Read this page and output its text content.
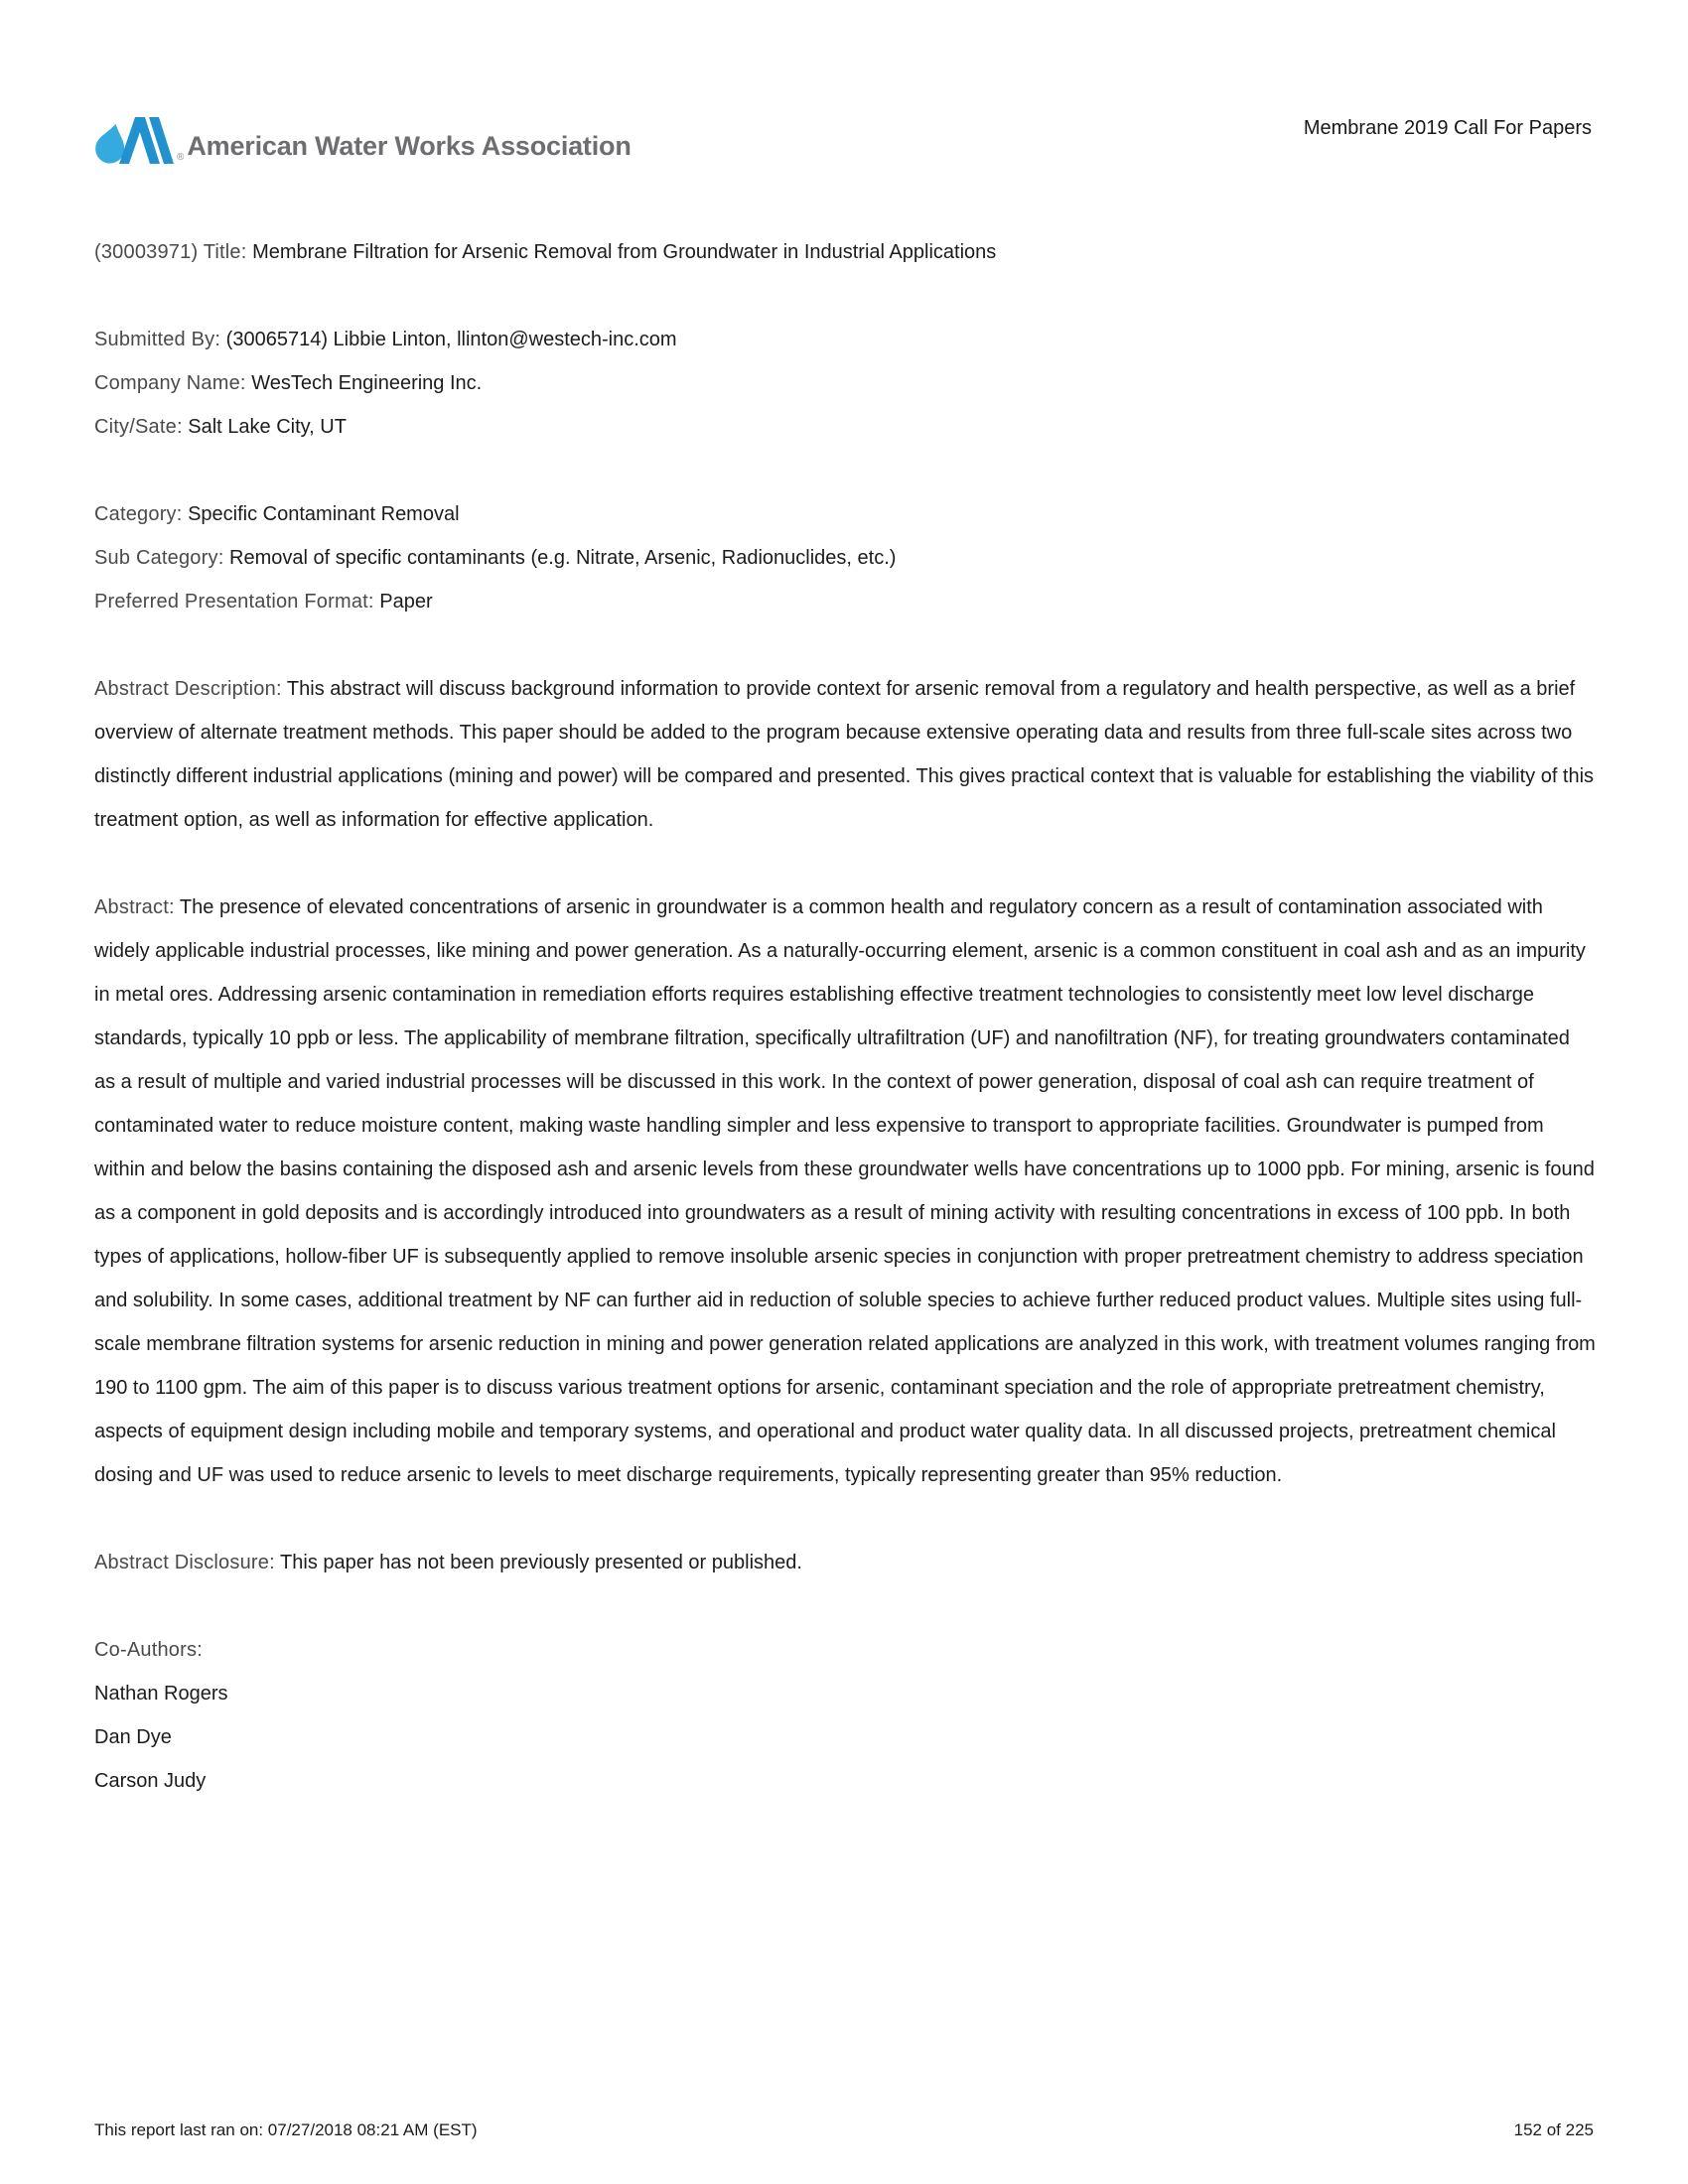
® American Water Works Association
Membrane 2019 Call For Papers
(30003971) Title: Membrane Filtration for Arsenic Removal from Groundwater in Industrial Applications
Submitted By: (30065714) Libbie Linton, llinton@westech-inc.com
Company Name: WesTech Engineering Inc.
City/Sate: Salt Lake City, UT
Category: Specific Contaminant Removal
Sub Category: Removal of specific contaminants (e.g. Nitrate, Arsenic, Radionuclides, etc.)
Preferred Presentation Format: Paper
Abstract Description: This abstract will discuss background information to provide context for arsenic removal from a regulatory and health perspective, as well as a brief overview of alternate treatment methods. This paper should be added to the program because extensive operating data and results from three full-scale sites across two distinctly different industrial applications (mining and power) will be compared and presented. This gives practical context that is valuable for establishing the viability of this treatment option, as well as information for effective application.
Abstract: The presence of elevated concentrations of arsenic in groundwater is a common health and regulatory concern as a result of contamination associated with widely applicable industrial processes, like mining and power generation. As a naturally-occurring element, arsenic is a common constituent in coal ash and as an impurity in metal ores. Addressing arsenic contamination in remediation efforts requires establishing effective treatment technologies to consistently meet low level discharge standards, typically 10 ppb or less. The applicability of membrane filtration, specifically ultrafiltration (UF) and nanofiltration (NF), for treating groundwaters contaminated as a result of multiple and varied industrial processes will be discussed in this work. In the context of power generation, disposal of coal ash can require treatment of contaminated water to reduce moisture content, making waste handling simpler and less expensive to transport to appropriate facilities. Groundwater is pumped from within and below the basins containing the disposed ash and arsenic levels from these groundwater wells have concentrations up to 1000 ppb. For mining, arsenic is found as a component in gold deposits and is accordingly introduced into groundwaters as a result of mining activity with resulting concentrations in excess of 100 ppb. In both types of applications, hollow-fiber UF is subsequently applied to remove insoluble arsenic species in conjunction with proper pretreatment chemistry to address speciation and solubility. In some cases, additional treatment by NF can further aid in reduction of soluble species to achieve further reduced product values. Multiple sites using full-scale membrane filtration systems for arsenic reduction in mining and power generation related applications are analyzed in this work, with treatment volumes ranging from 190 to 1100 gpm. The aim of this paper is to discuss various treatment options for arsenic, contaminant speciation and the role of appropriate pretreatment chemistry, aspects of equipment design including mobile and temporary systems, and operational and product water quality data. In all discussed projects, pretreatment chemical dosing and UF was used to reduce arsenic to levels to meet discharge requirements, typically representing greater than 95% reduction.
Abstract Disclosure: This paper has not been previously presented or published.
Co-Authors:
Nathan Rogers
Dan Dye
Carson Judy
This report last ran on: 07/27/2018 08:21 AM (EST)	152 of 225
